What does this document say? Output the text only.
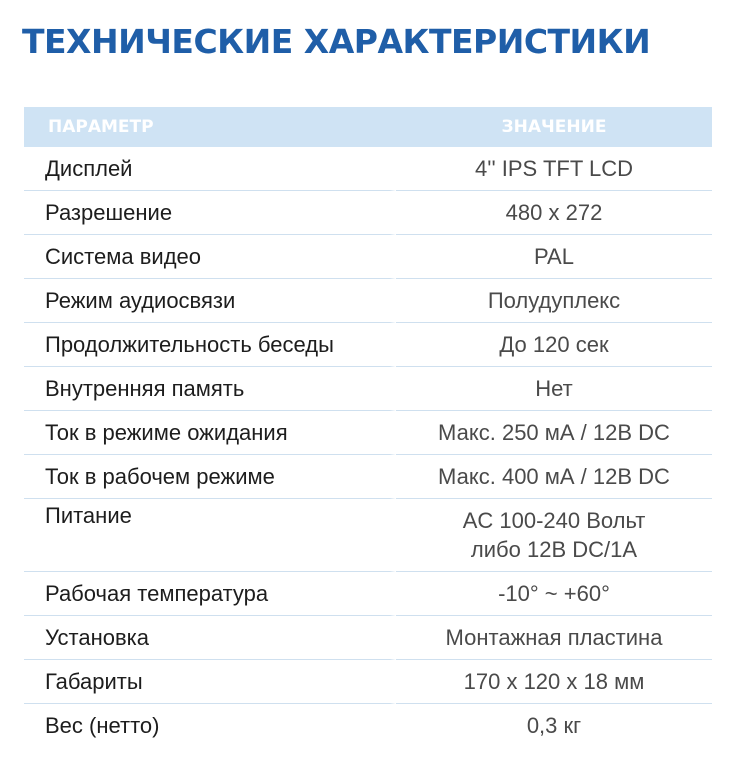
ТЕХНИЧЕСКИЕ ХАРАКТЕРИСТИКИ
ПАРАМЕТР	ЗНАЧЕНИЕ
Дисплей	4'' IPS TFT LCD

Разрешение	480 x 272

Система видео	PAL

Режим аудиосвязи	Полудуплекс

Продолжительность беседы	До 120 сек

Внутренняя память	Нет

Ток в режиме ожидания	Макс. 250 мА / 12В DC

Ток в рабочем режиме	Макс. 400 мА / 12В DC

Питание	AC 100-240 Вольт
либо 12В DC/1А

Рабочая температура	-10° ~ +60°

Установка	Монтажная пластина

Габариты	170 x 120 x 18 мм

Вес (нетто)	0,3 кг
